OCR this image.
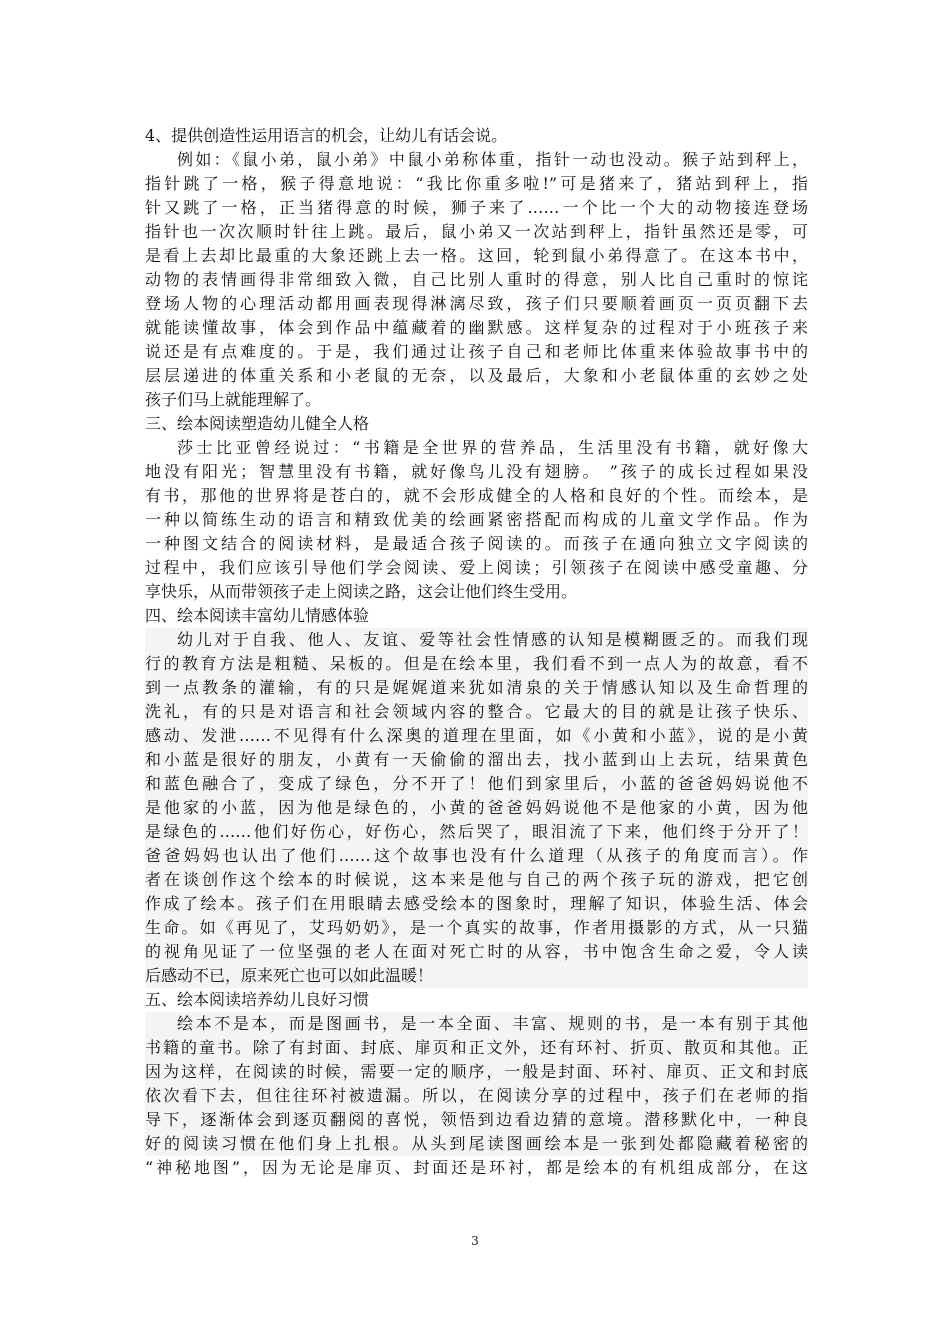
4、提供创造性运用语言的机会，让幼儿有话会说。
例如：《鼠小弟，鼠小弟》中鼠小弟称体重，指针一动也没动。猴子站到秤上，
指针跳了一格，猴子得意地说：“我比你重多啦!”可是猪来了，猪站到秤上，指
针又跳了一格，正当猪得意的时候，狮子来了……一个比一个大的动物接连登场
指针也一次次顺时针往上跳。最后，鼠小弟又一次站到秤上，指针虽然还是零，可
是看上去却比最重的大象还跳上去一格。这回，轮到鼠小弟得意了。在这本书中，
动物的表情画得非常细致入微，自己比别人重时的得意，别人比自己重时的惊诧
登场人物的心理活动都用画表现得淋漓尽致，孩子们只要顺着画页一页页翻下去
就能读懂故事，体会到作品中蕴藏着的幽默感。这样复杂的过程对于小班孩子来
说还是有点难度的。于是，我们通过让孩子自己和老师比体重来体验故事书中的
层层递进的体重关系和小老鼠的无奈，以及最后，大象和小老鼠体重的玄妙之处
孩子们马上就能理解了。
三、绘本阅读塑造幼儿健全人格
莎士比亚曾经说过：“书籍是全世界的营养品，生活里没有书籍，就好像大
地没有阳光；智慧里没有书籍，就好像鸟儿没有翅膀。 ”孩子的成长过程如果没
有书，那他的世界将是苍白的，就不会形成健全的人格和良好的个性。而绘本，是
一种以简练生动的语言和精致优美的绘画紧密搭配而构成的儿童文学作品。作为
一种图文结合的阅读材料，是最适合孩子阅读的。而孩子在通向独立文字阅读的
过程中，我们应该引导他们学会阅读、爱上阅读；引领孩子在阅读中感受童趣、分
享快乐，从而带领孩子走上阅读之路，这会让他们终生受用。
四、绘本阅读丰富幼儿情感体验
幼儿对于自我、他人、友谊、爱等社会性情感的认知是模糊匮乏的。而我们现
行的教育方法是粗糙、呆板的。但是在绘本里，我们看不到一点人为的故意，看不
到一点教条的灌输，有的只是娓娓道来犹如清泉的关于情感认知以及生命哲理的
洗礼，有的只是对语言和社会领域内容的整合。它最大的目的就是让孩子快乐、
感动、发泄……不见得有什么深奥的道理在里面，如《小黄和小蓝》，说的是小黄
和小蓝是很好的朋友，小黄有一天偷偷的溜出去，找小蓝到山上去玩，结果黄色
和蓝色融合了，变成了绿色，分不开了！他们到家里后，小蓝的爸爸妈妈说他不
是他家的小蓝，因为他是绿色的，小黄的爸爸妈妈说他不是他家的小黄，因为他
是绿色的……他们好伤心，好伤心，然后哭了，眼泪流了下来，他们终于分开了！
爸爸妈妈也认出了他们……这个故事也没有什么道理（从孩子的角度而言）。作
者在谈创作这个绘本的时候说，这本来是他与自己的两个孩子玩的游戏，把它创
作成了绘本。孩子们在用眼睛去感受绘本的图象时，理解了知识，体验生活、体会
生命。如《再见了，艾玛奶奶》，是一个真实的故事，作者用摄影的方式，从一只猫
的视角见证了一位坚强的老人在面对死亡时的从容，书中饱含生命之爱，令人读
后感动不已，原来死亡也可以如此温暖！
五、绘本阅读培养幼儿良好习惯
绘本不是本，而是图画书，是一本全面、丰富、规则的书，是一本有别于其他
书籍的童书。除了有封面、封底、扉页和正文外，还有环衬、折页、散页和其他。正
因为这样，在阅读的时候，需要一定的顺序，一般是封面、环衬、扉页、正文和封底
依次看下去，但往往环衬被遗漏。所以，在阅读分享的过程中，孩子们在老师的指
导下，逐渐体会到逐页翻阅的喜悦，领悟到边看边猜的意境。潜移默化中，一种良
好的阅读习惯在他们身上扎根。从头到尾读图画绘本是一张到处都隐藏着秘密的
“神秘地图”，因为无论是扉页、封面还是环衬，都是绘本的有机组成部分，在这
3
